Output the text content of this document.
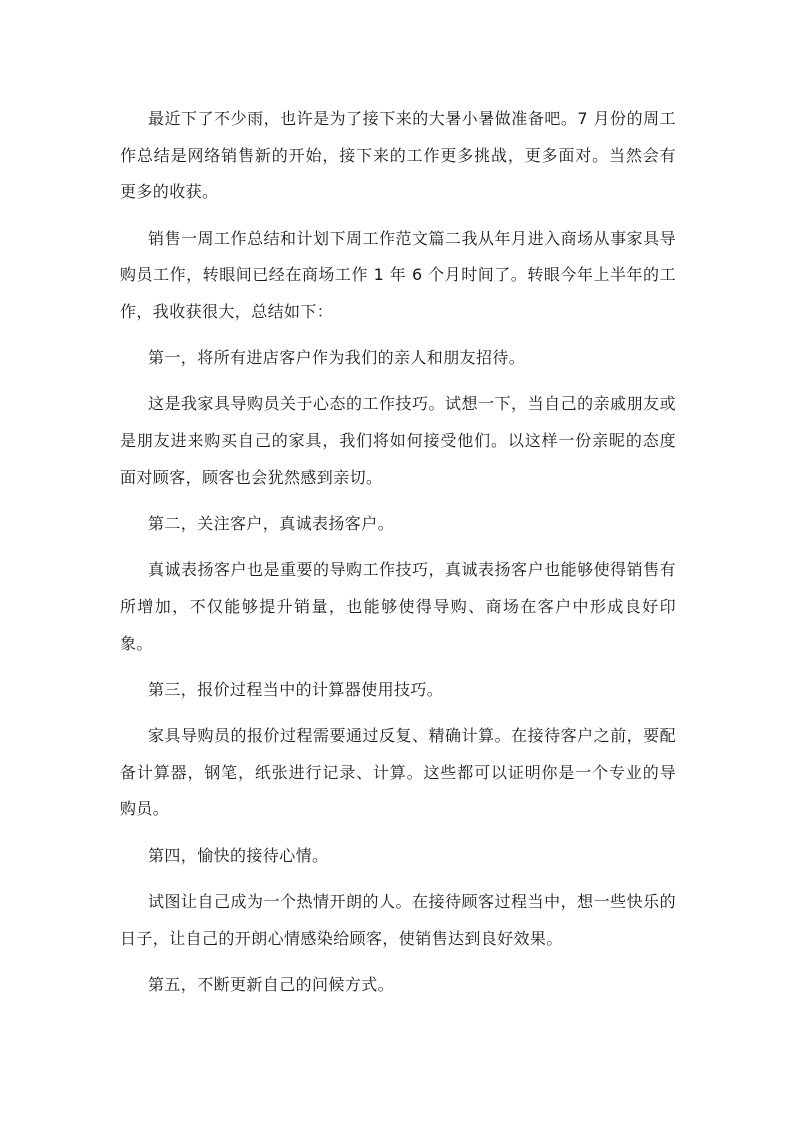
最近下了不少雨，也许是为了接下来的大暑小暑做准备吧。7 月份的周工作总结是网络销售新的开始，接下来的工作更多挑战，更多面对。当然会有更多的收获。

销售一周工作总结和计划下周工作范文篇二我从年月进入商场从事家具导购员工作，转眼间已经在商场工作 1 年 6 个月时间了。转眼今年上半年的工作，我收获很大，总结如下：

第一，将所有进店客户作为我们的亲人和朋友招待。

这是我家具导购员关于心态的工作技巧。试想一下，当自己的亲戚朋友或是朋友进来购买自己的家具，我们将如何接受他们。以这样一份亲昵的态度面对顾客，顾客也会犹然感到亲切。

第二，关注客户，真诚表扬客户。

真诚表扬客户也是重要的导购工作技巧，真诚表扬客户也能够使得销售有所增加，不仅能够提升销量，也能够使得导购、商场在客户中形成良好印象。

第三，报价过程当中的计算器使用技巧。

家具导购员的报价过程需要通过反复、精确计算。在接待客户之前，要配备计算器，钢笔，纸张进行记录、计算。这些都可以证明你是一个专业的导购员。

第四，愉快的接待心情。

试图让自己成为一个热情开朗的人。在接待顾客过程当中，想一些快乐的日子，让自己的开朗心情感染给顾客，使销售达到良好效果。

第五，不断更新自己的问候方式。
